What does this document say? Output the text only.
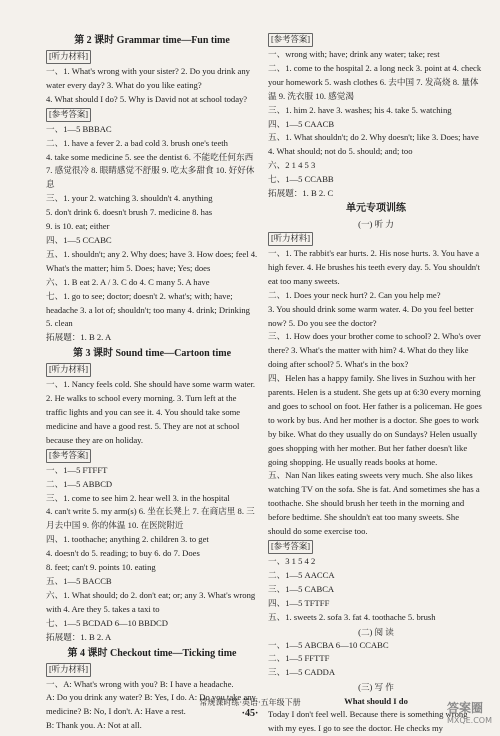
第 2 课时 Grammar time—Fun time
[听力材料]
一、1. What's wrong with your sister? 2. Do you drink any water every day? 3. What do you like eating?
4. What should I do? 5. Why is David not at school today?
[参考答案]
一、1—5 BBBAC
二、1. have a fever 2. a bad cold 3. brush one's teeth
4. take some medicine 5. see the dentist 6. 不能吃任何东西 7. 感觉很冷 8. 眼睛感觉不舒服 9. 吃太多甜食 10. 好好休息
三、1. your 2. watching 3. shouldn't 4. anything
5. don't drink 6. doesn't brush 7. medicine 8. has
9. is 10. eat; either
四、1—5 CCABC
五、1. shouldn't; any 2. Why does; have 3. How does; feel 4. What's the matter; him 5. Does; have; Yes; does
六、1. B eat 2. A / 3. C do 4. C many 5. A have
七、1. go to see; doctor; doesn't 2. what's; with; have; headache 3. a lot of; shouldn't; too many 4. drink; Drinking 5. clean
拓展题：1. B 2. A
第 3 课时 Sound time—Cartoon time
[听力材料]
一、1. Nancy feels cold. She should have some warm water. 2. He walks to school every morning. 3. Turn left at the traffic lights and you can see it. 4. You should take some medicine and have a good rest. 5. They are not at school because they are on holiday.
[参考答案]
一、1—5 FTFFT
二、1—5 ABBCD
三、1. come to see him 2. hear well 3. in the hospital
4. can't write 5. my arm(s) 6. 坐在长凳上 7. 在商店里 8. 三月去中国 9. 你的体温 10. 在医院附近
四、1. toothache; anything 2. children 3. to get
4. doesn't do 5. reading; to buy 6. do 7. Does
8. feet; can't 9. points 10. eating
五、1—5 BACCB
六、1. What should; do 2. don't eat; or; any 3. What's wrong with 4. Are they 5. takes a taxi to
七、1—5 BCDAD 6—10 BBDCD
拓展题：1. B 2. A
第 4 课时 Checkout time—Ticking time
[听力材料]
一、A: What's wrong with you? B: I have a headache.
A: Do you drink any water? B: Yes, I do. A: Do you take any medicine? B: No, I don't. A: Have a rest.
B: Thank you. A: Not at all.
[参考答案]
一、wrong with; have; drink any water; take; rest
二、1. come to the hospital 2. a long neck 3. point at 4. check your homework 5. wash clothes 6. 去中国 7. 发高烧 8. 量体温 9. 洗衣服 10. 感觉渴
三、1. him 2. have 3. washes; his 4. take 5. watching
四、1—5 CAACB
五、1. What shouldn't; do 2. Why doesn't; like 3. Does; have 4. What should; not do 5. should; and; too
六、2 1 4 5 3
七、1—5 CCABB
拓展题：1. B 2. C
单元专项训练
(一) 听 力
[听力材料]
一、1. The rabbit's ear hurts. 2. His nose hurts. 3. You have a high fever. 4. He brushes his teeth every day. 5. You shouldn't eat too many sweets.
二、1. Does your neck hurt? 2. Can you help me?
3. You should drink some warm water. 4. Do you feel better now? 5. Do you see the doctor?
三、1. How does your brother come to school? 2. Who's over there? 3. What's the matter with him? 4. What do they like doing after school? 5. What's in the box?
四、Helen has a happy family. She lives in Suzhou with her parents. Helen is a student. She gets up at 6:30 every morning and goes to school on foot. Her father is a policeman. He goes to work by bus. And her mother is a doctor. She goes to work by bike. What do they usually do on Sundays? Helen usually goes shopping with her mother. But her father doesn't like going shopping. He usually reads books at home.
五、Nan Nan likes eating sweets very much. She also likes watching TV on the sofa. She is fat. And sometimes she has a toothache. She should brush her teeth in the morning and before bedtime. She shouldn't eat too many sweets. She should do some exercise too.
[参考答案]
一、3 1 5 4 2
二、1—5 AACCA
三、1—5 CABCA
四、1—5 TFTFF
五、1. sweets 2. sofa 3. fat 4. toothache 5. brush
(二) 阅 读
一、1—5 ABCBA 6—10 CCABC
二、1—5 FFTTF
三、1—5 CADDA
(三) 写 作
What should I do
Today I don't feel well. Because there is something wrong with my eyes. I go to see the doctor. He checks my
常规课时练·英语·五年级下册
·45·	答案圈
MXQE.COM
